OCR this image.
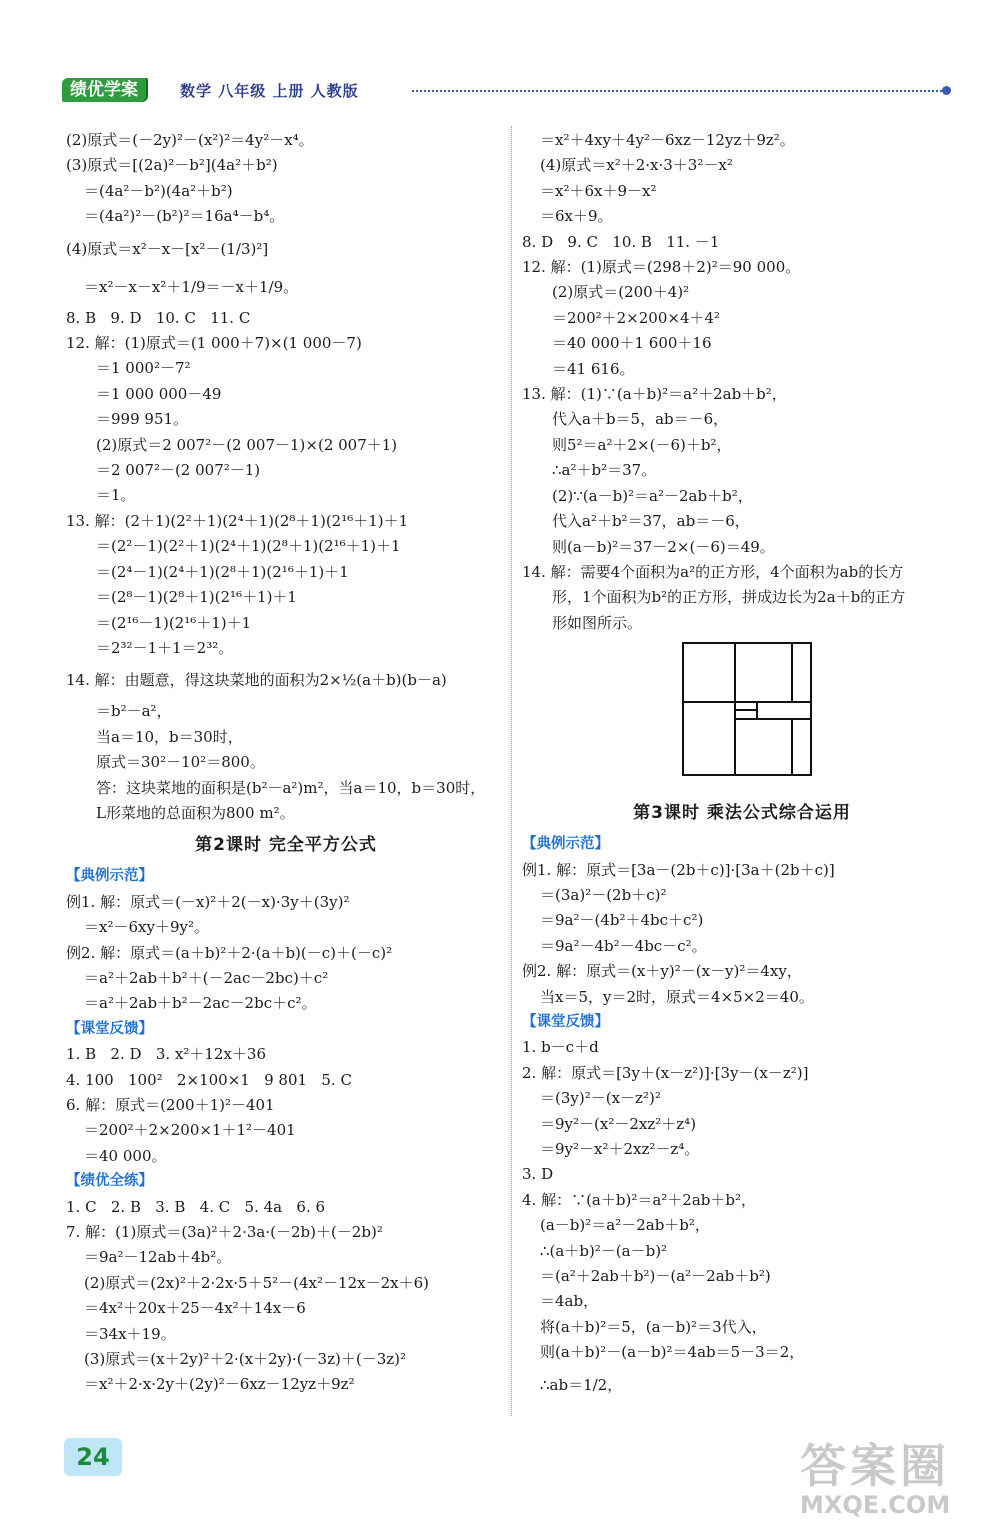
绩优学案	数学 八年级 上册 人教版
(2)原式＝(－2y)²－(x²)²＝4y²－x⁴。
(3)原式＝[(2a)²－b²](4a²＋b²)
＝(4a²－b²)(4a²＋b²)
＝(4a²)²－(b²)²＝16a⁴－b⁴。
(4)原式＝x²－x－[x²－(1/3)²]
＝x²－x－x²＋1/9＝－x＋1/9。
8. B   9. D   10. C   11. C
12. 解：(1)原式＝(1 000＋7)×(1 000－7)
＝1 000²－7²
＝1 000 000－49
＝999 951。
(2)原式＝2 007²－(2 007－1)×(2 007＋1)
＝2 007²－(2 007²－1)
＝1。
13. 解：(2＋1)(2²＋1)(2⁴＋1)(2⁸＋1)(2¹⁶＋1)＋1
＝(2²－1)(2²＋1)(2⁴＋1)(2⁸＋1)(2¹⁶＋1)＋1
＝(2⁴－1)(2⁴＋1)(2⁸＋1)(2¹⁶＋1)＋1
＝(2⁸－1)(2⁸＋1)(2¹⁶＋1)＋1
＝(2¹⁶－1)(2¹⁶＋1)＋1
＝2³²－1＋1＝2³²。
14. 解：由题意，得这块菜地的面积为2×½(a＋b)(b－a)
＝b²－a²，
当a＝10，b＝30时，
原式＝30²－10²＝800。
答：这块菜地的面积是(b²－a²)m²，当a＝10，b＝30时，
L形菜地的总面积为800 m²。
第2课时 完全平方公式
【典例示范】
例1. 解：原式＝(－x)²＋2(－x)·3y＋(3y)²
＝x²－6xy＋9y²。
例2. 解：原式＝(a＋b)²＋2·(a＋b)(－c)＋(－c)²
＝a²＋2ab＋b²＋(－2ac－2bc)＋c²
＝a²＋2ab＋b²－2ac－2bc＋c²。
【课堂反馈】
1. B   2. D   3. x²＋12x＋36
4. 100   100²   2×100×1   9 801   5. C
6. 解：原式＝(200＋1)²－401
＝200²＋2×200×1＋1²－401
＝40 000。
【绩优全练】
1. C   2. B   3. B   4. C   5. 4a   6. 6
7. 解：(1)原式＝(3a)²＋2·3a·(－2b)＋(－2b)²
＝9a²－12ab＋4b²。
(2)原式＝(2x)²＋2·2x·5＋5²－(4x²－12x－2x＋6)
＝4x²＋20x＋25－4x²＋14x－6
＝34x＋19。
(3)原式＝(x＋2y)²＋2·(x＋2y)·(－3z)＋(－3z)²
＝x²＋2·x·2y＋(2y)²－6xz－12yz＋9z²
＝x²＋4xy＋4y²－6xz－12yz＋9z²。
(4)原式＝x²＋2·x·3＋3²－x²
＝x²＋6x＋9－x²
＝6x＋9。
8. D   9. C   10. B   11. －1
12. 解：(1)原式＝(298＋2)²＝90 000。
(2)原式＝(200＋4)²
＝200²＋2×200×4＋4²
＝40 000＋1 600＋16
＝41 616。
13. 解：(1)∵(a＋b)²＝a²＋2ab＋b²，
代入a＋b＝5，ab＝－6，
则5²＝a²＋2×(－6)＋b²，
∴a²＋b²＝37。
(2)∵(a－b)²＝a²－2ab＋b²，
代入a²＋b²＝37，ab＝－6，
则(a－b)²＝37－2×(－6)＝49。
14. 解：需要4个面积为a²的正方形，4个面积为ab的长方
形，1个面积为b²的正方形，拼成边长为2a＋b的正方
形如图所示。
第3课时 乘法公式综合运用
【典例示范】
例1. 解：原式＝[3a－(2b＋c)]·[3a＋(2b＋c)]
＝(3a)²－(2b＋c)²
＝9a²－(4b²＋4bc＋c²)
＝9a²－4b²－4bc－c²。
例2. 解：原式＝(x＋y)²－(x－y)²＝4xy，
当x＝5，y＝2时，原式＝4×5×2＝40。
【课堂反馈】
1. b－c＋d
2. 解：原式＝[3y＋(x－z²)]·[3y－(x－z²)]
＝(3y)²－(x－z²)²
＝9y²－(x²－2xz²＋z⁴)
＝9y²－x²＋2xz²－z⁴。
3. D
4. 解：∵(a＋b)²＝a²＋2ab＋b²，
(a－b)²＝a²－2ab＋b²，
∴(a＋b)²－(a－b)²
＝(a²＋2ab＋b²)－(a²－2ab＋b²)
＝4ab，
将(a＋b)²＝5，(a－b)²＝3代入，
则(a＋b)²－(a－b)²＝4ab＝5－3＝2，
∴ab＝1/2，
24	答案圈
MXQE.COM
